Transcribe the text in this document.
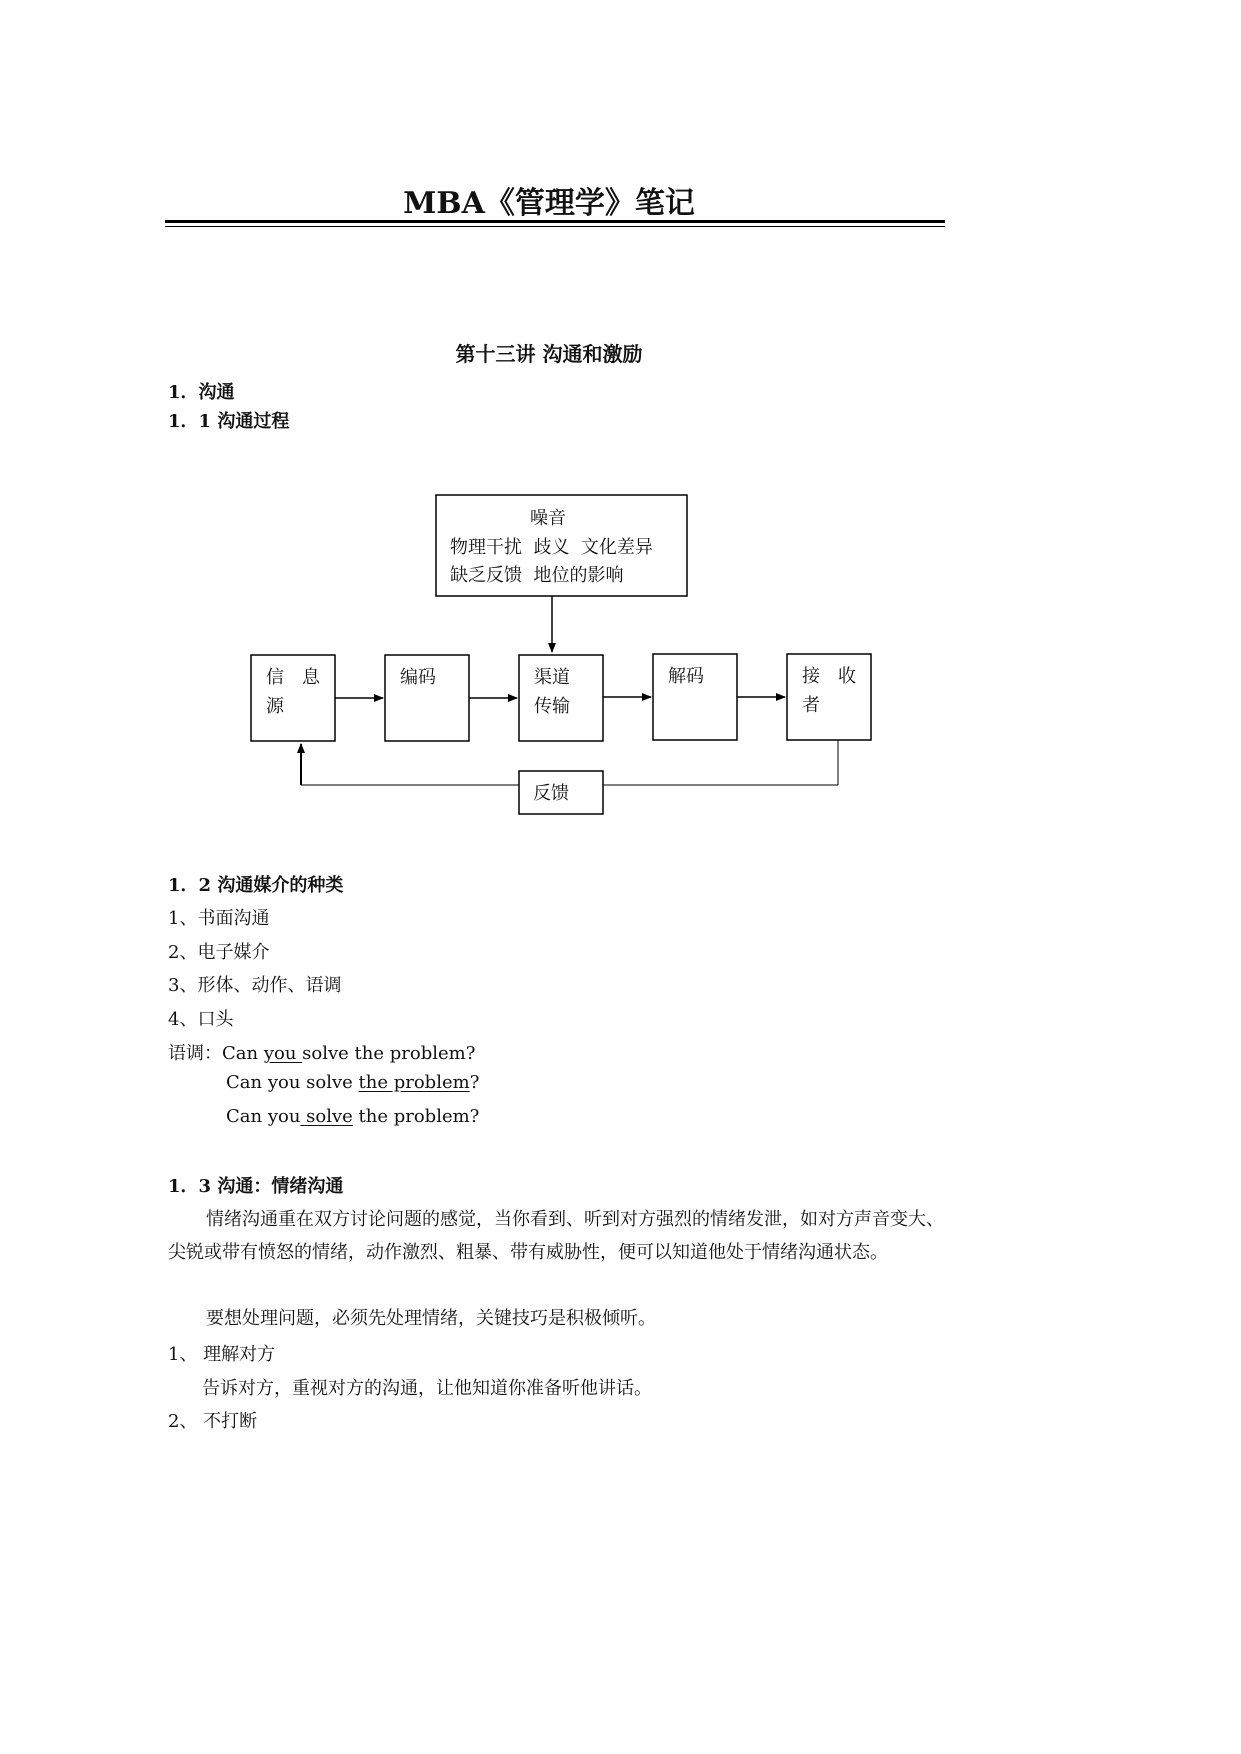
MBA《管理学》笔记
第十三讲 沟通和激励
1．沟通
1．1 沟通过程
噪音
物理干扰  歧义  文化差异
缺乏反馈  地位的影响
信 息
源
编码	渠道
传输
解码	接 收
者
反馈
1．2 沟通媒介的种类
1、书面沟通
2、电子媒介
3、形体、动作、语调
4、口头
语调：Can you solve the problem?
Can you solve the problem?
Can you solve the problem?
1．3 沟通：情绪沟通
情绪沟通重在双方讨论问题的感觉，当你看到、听到对方强烈的情绪发泄，如对方声音变大、尖锐或带有愤怒的情绪，动作激烈、粗暴、带有威胁性，便可以知道他处于情绪沟通状态。
要想处理问题，必须先处理情绪，关键技巧是积极倾听。
1、 理解对方
告诉对方，重视对方的沟通，让他知道你准备听他讲话。
2、 不打断
